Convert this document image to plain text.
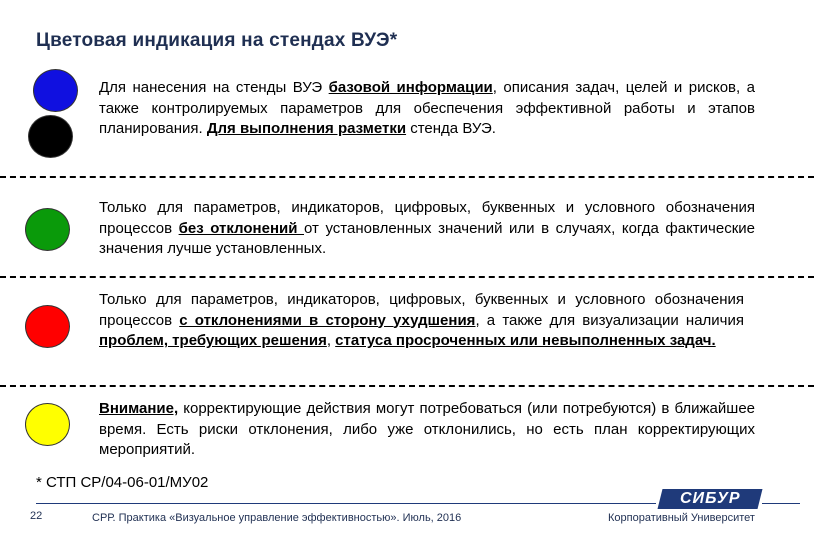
Цветовая индикация на стендах ВУЭ*
Для нанесения на стенды ВУЭ базовой информации, описания задач, целей и рисков, а также контролируемых параметров для обеспечения эффективной работы и этапов планирования. Для выполнения разметки стенда ВУЭ.
Только для параметров, индикаторов, цифровых, буквенных и условного обозначения процессов без отклонений от установленных значений или в случаях, когда фактические значения лучше установленных.
Только для параметров, индикаторов, цифровых, буквенных и условного обозначения процессов с отклонениями в сторону ухудшения, а также для визуализации наличия проблем, требующих решения, статуса просроченных или невыполненных задач.
Внимание, корректирующие действия могут потребоваться (или потребуются) в ближайшее время. Есть риски отклонения, либо уже отклонились, но есть план корректирующих мероприятий.
* СТП СР/04-06-01/МУ02
СИБУР
22	СРР. Практика «Визуальное управление эффективностью». Июль, 2016	Корпоративный Университет
